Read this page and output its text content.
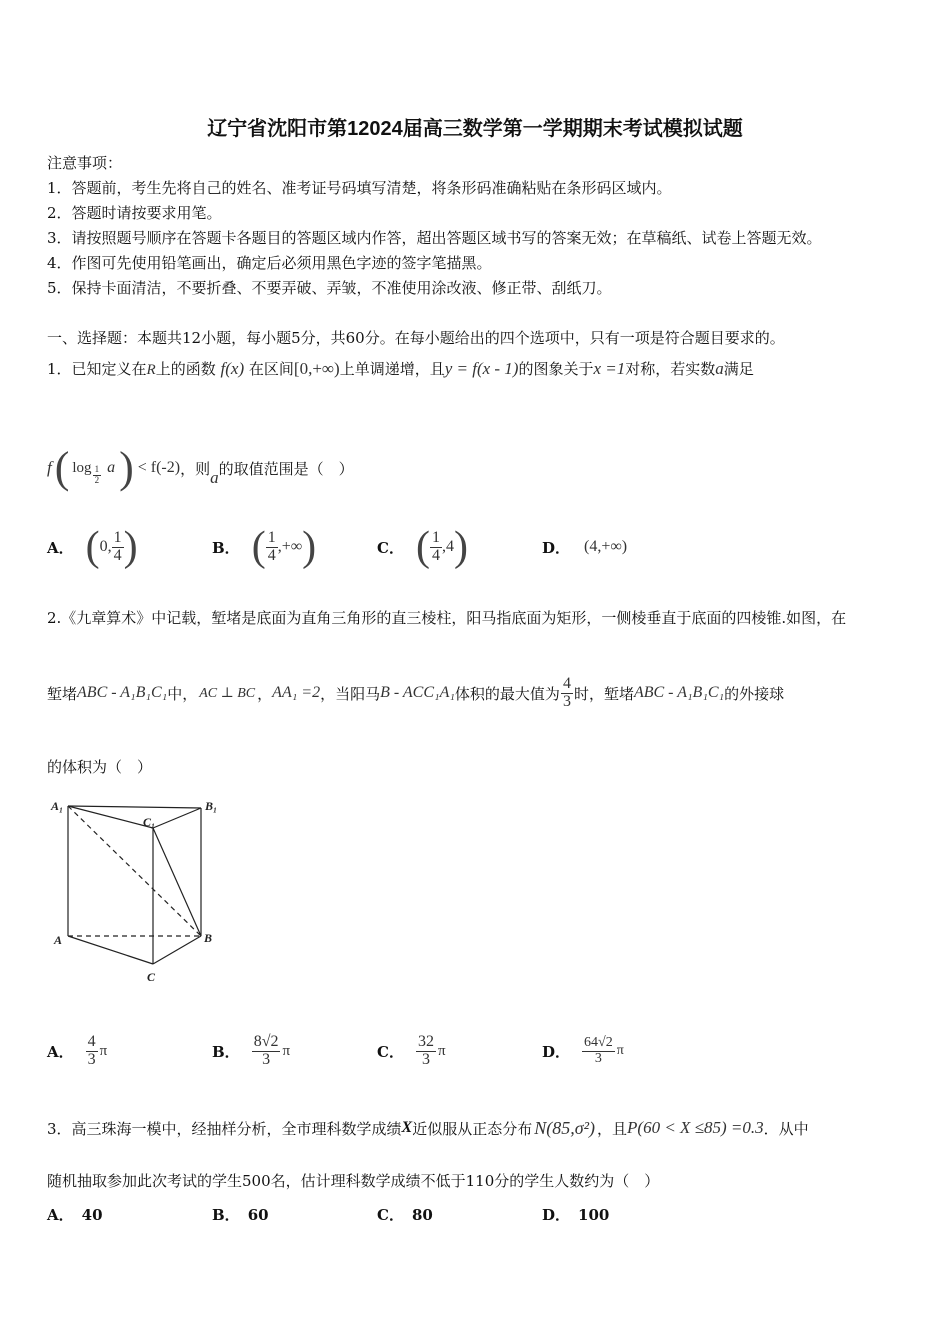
辽宁省沈阳市第12024届高三数学第一学期期末考试模拟试题
注意事项：
1．答题前，考生先将自己的姓名、准考证号码填写清楚，将条形码准确粘贴在条形码区域内。
2．答题时请按要求用笔。
3．请按照题号顺序在答题卡各题目的答题区域内作答，超出答题区域书写的答案无效；在草稿纸、试卷上答题无效。
4．作图可先使用铅笔画出，确定后必须用黑色字迹的签字笔描黑。
5．保持卡面清洁，不要折叠、不要弄破、弄皱，不准使用涂改液、修正带、刮纸刀。
一、选择题：本题共12小题，每小题5分，共60分。在每小题给出的四个选项中，只有一项是符合题目要求的。
1．已知定义在R上的函数 f(x) 在区间[0,+∞)上单调递增，且y = f(x - 1)的图象关于x =1对称，若实数a满足
f ( $\log \frac{1}{2}$ a ) < f(-2) ，则 a 的取值范围是（　）
A． ( 0, $\frac{1}{4}$ )	B． ( $\frac{1}{4}$ ,+∞ )	C． ( $\frac{1}{4} ,4$ )	D． (4,+∞)
2.《九章算术》中记载，堑堵是底面为直角三角形的直三棱柱，阳马指底面为矩形，一侧棱垂直于底面的四棱锥.如图，在
堑堵 ABC - A₁B₁C₁ 中， AC ⊥ BC ， AA₁ =2 ，当阳马 B - ACC₁A₁ 体积的最大值为 $\frac{4}{3}$ 时，堑堵 ABC - A₁B₁C₁ 的外接球
的体积为（　）
A₁	B₁
C₁
A	B
C
A． $\frac{4}{3}$ π	B． $\frac{8√2}{3}$ π	C． $\frac{32}{3}$ π	D． $\frac{64√2}{3}$ π
3．高三珠海一模中，经抽样分析，全市理科数学成绩 X 近似服从正态分布 N(85,σ²) ，且 P(60 < X ≤85) =0.3 ．从中
随机抽取参加此次考试的学生500名，估计理科数学成绩不低于110分的学生人数约为（　）
A． 40	B． 60	C． 80	D． 100
